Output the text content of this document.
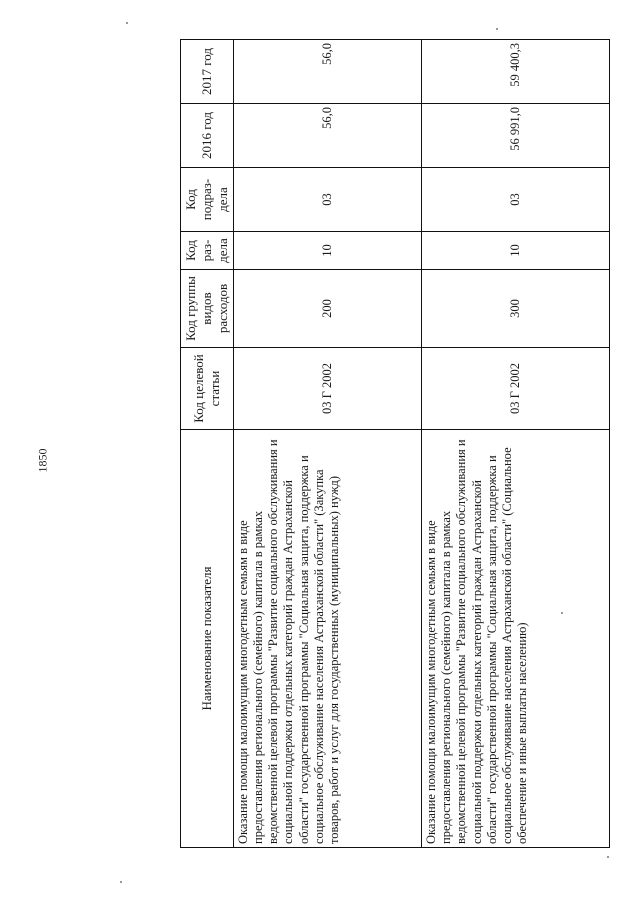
1850
Наименование показателя	Код целевой статьи	Код группы видов расходов	Код раз-дела	Код подраз-дела	2016 год	2017 год
Оказание помощи малоимущим многодетным семьям в виде предоставления регионального (семейного) капитала в рамках ведомственной целевой программы "Развитие социального обслуживания и социальной поддержки отдельных категорий граждан Астраханской области" государственной программы "Социальная защита, поддержка и социальное обслуживание населения Астраханской области" (Закупка товаров, работ и услуг для государственных (муниципальных) нужд)	03 Г 2002	200	10	03	56,0	56,0
Оказание помощи малоимущим многодетным семьям в виде предоставления регионального (семейного) капитала в рамках ведомственной целевой программы "Развитие социального обслуживания и социальной поддержки отдельных категорий граждан Астраханской области" государственной программы "Социальная защита, поддержка и социальное обслуживание населения Астраханской области" (Социальное обеспечение и иные выплаты населению)	03 Г 2002	300	10	03	56 991,0	59 400,3
